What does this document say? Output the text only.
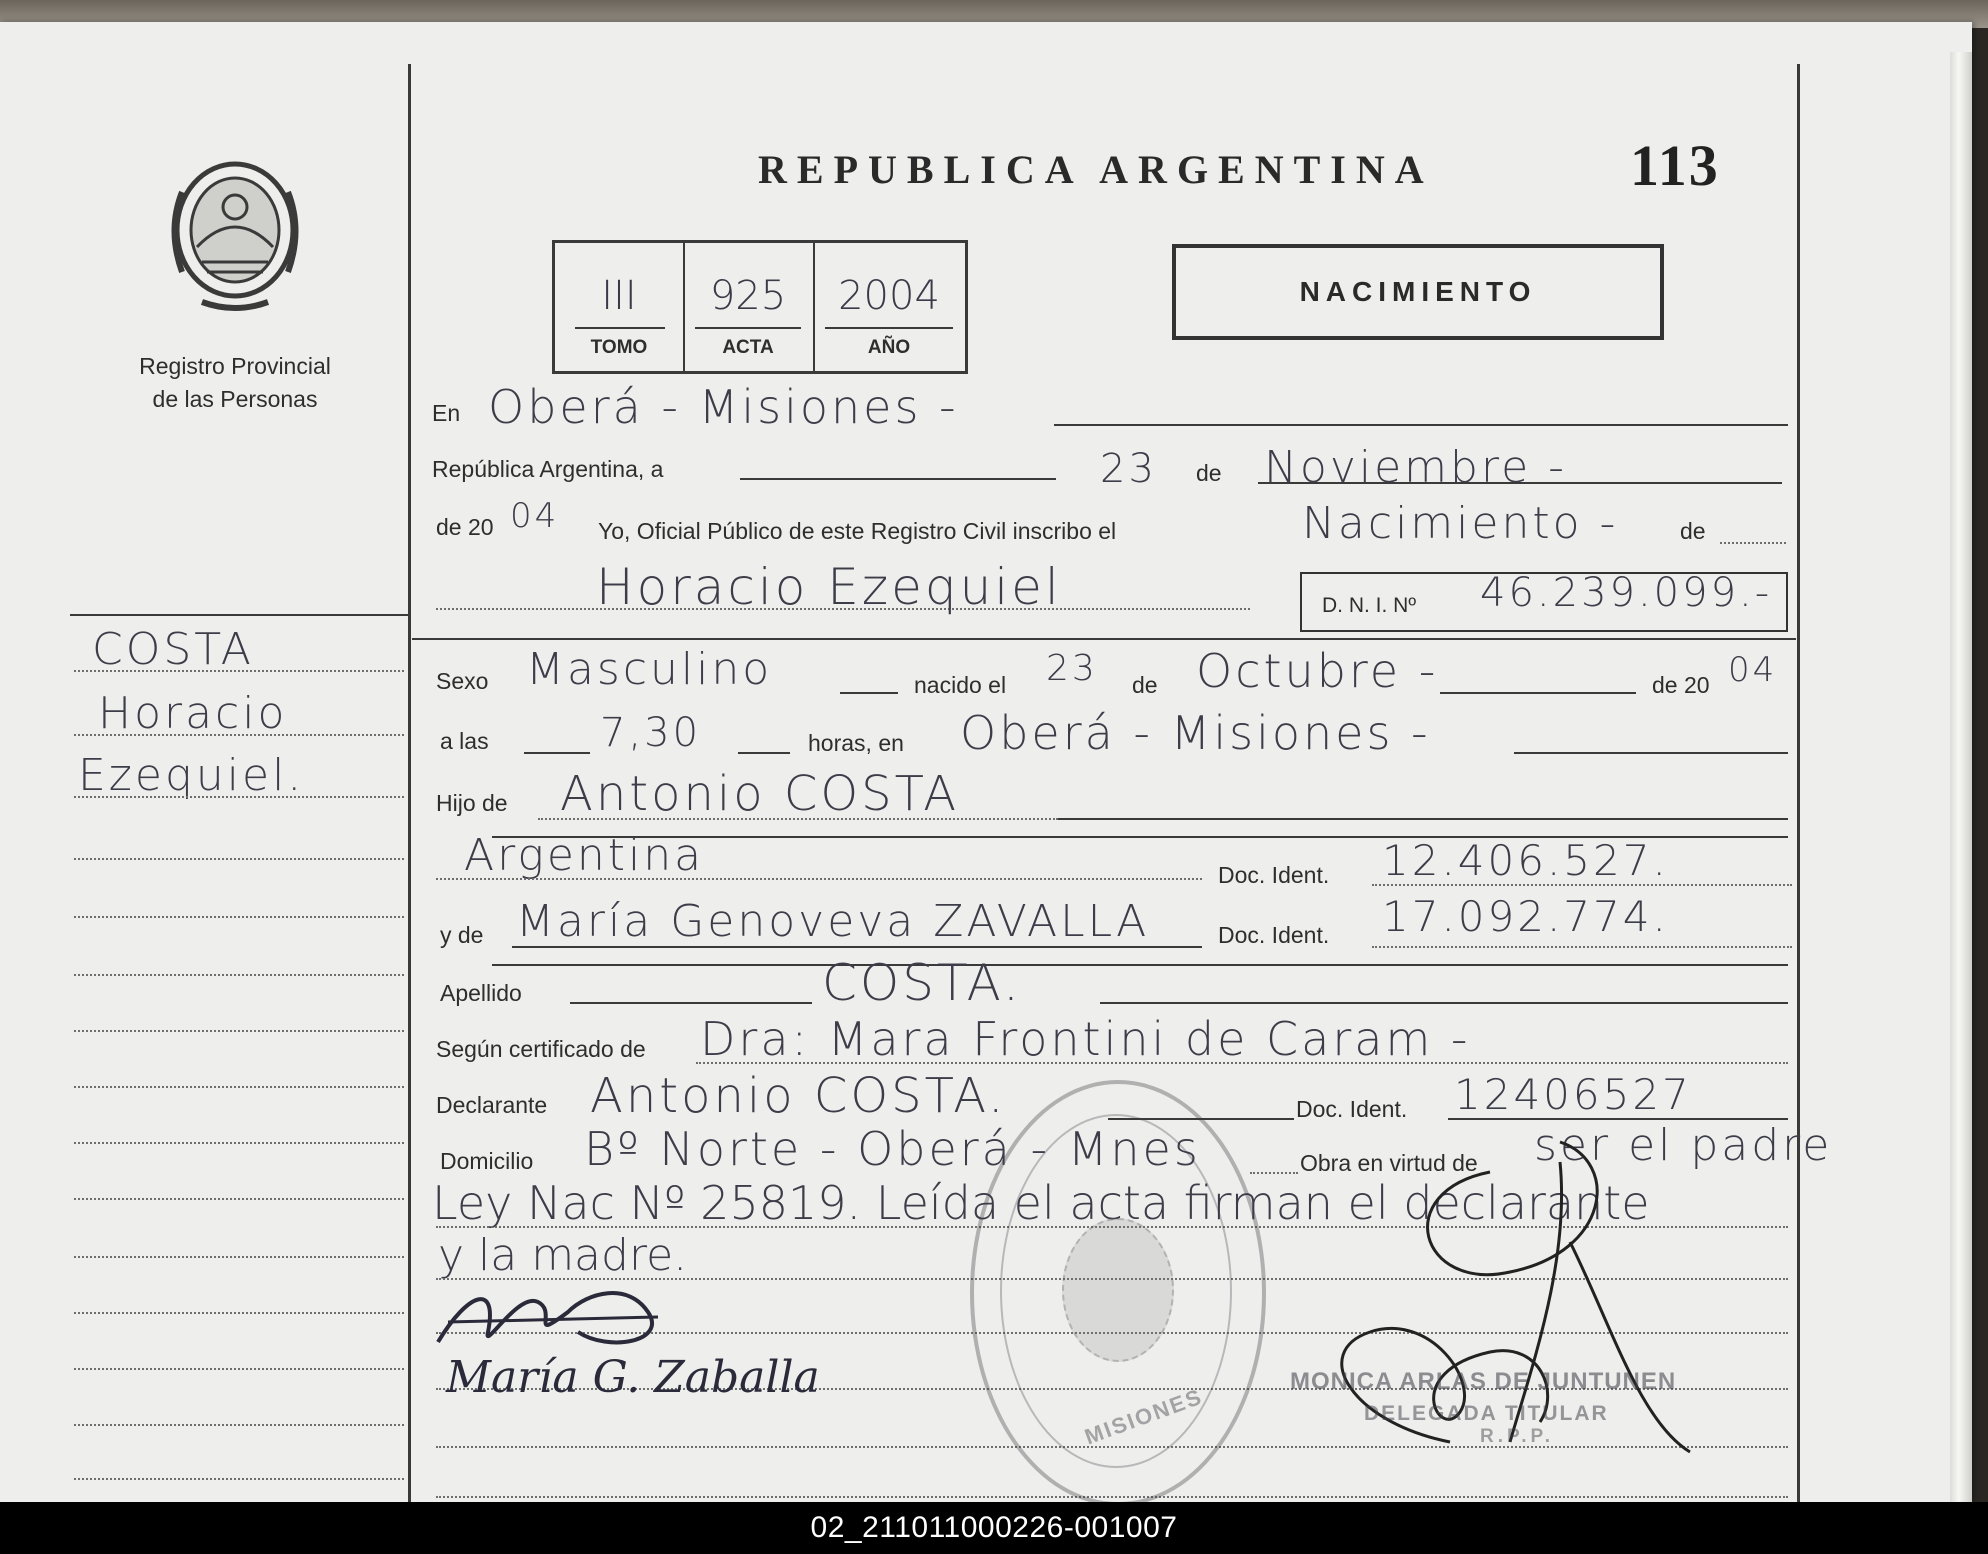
Registro Provincial
de las Personas
REPUBLICA ARGENTINA	113
III	925	2004
TOMO	ACTA	AÑO
NACIMIENTO
COSTA
Horacio
Ezequiel.
En Oberá - Misiones -
República Argentina, a	23 de Noviembre -
de 20 04 Yo, Oficial Público de este Registro Civil inscribo el	Nacimiento -	de
Horacio Ezequiel	D. N. I. Nº 46.239.099.-
Sexo Masculino	nacido el 23 de Octubre -	de 20 04
a las	7,30	horas, en Oberá - Misiones -
Hijo de Antonio COSTA
Argentina	Doc. Ident. 12.406.527.
y de María Genoveva ZAVALLA	Doc. Ident. 17.092.774.
Apellido	COSTA.
Según certificado de Dra: Mara Frontini de Caram -
Declarante Antonio COSTA.	Doc. Ident. 12406527
Domicilio Bº Norte - Oberá - Mnes	Obra en virtud de ser el padre
Ley Nac Nº 25819. Leída el acta firman el declarante
y la madre.
María G. Zaballa
MISIONES
MONICA ARLAS DE JUNTUNEN
DELEGADA TITULAR
R.P.P.
02_211011000226-001007
